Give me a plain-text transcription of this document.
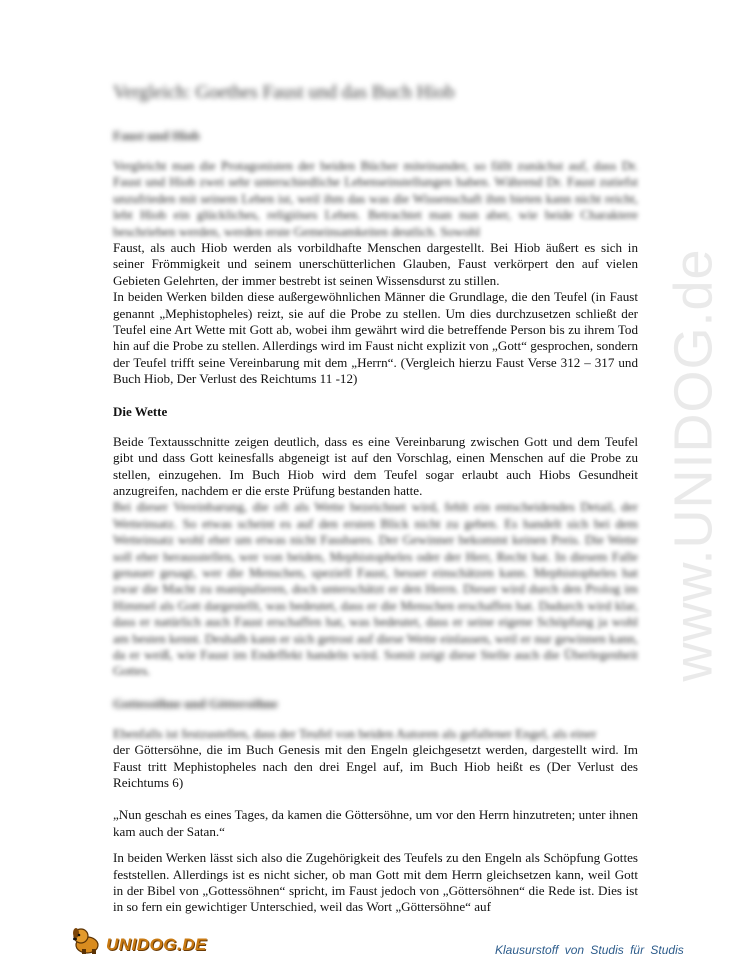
Vergleich: Goethes Faust und das Buch Hiob
Faust und Hiob

Vergleicht man die Protagonisten der beiden Bücher miteinander, so fällt zunächst auf, dass Dr. Faust und Hiob zwei sehr unterschiedliche Lebenseinstellungen haben. Während Dr. Faust zutiefst unzufrieden mit seinem Leben ist, weil ihm das was die Wissenschaft ihm bieten kann nicht reicht, lebt Hiob ein glückliches, religiöses Leben. Betrachtet man nun aber, wie beide Charaktere beschrieben werden, werden erste Gemeinsamkeiten deutlich. Sowohl

Faust, als auch Hiob werden als vorbildhafte Menschen dargestellt. Bei Hiob äußert es sich in seiner Frömmigkeit und seinem unerschütterlichen Glauben, Faust verkörpert den auf vielen Gebieten Gelehrten, der immer bestrebt ist seinen Wissensdurst zu stillen.

In beiden Werken bilden diese außergewöhnlichen Männer die Grundlage, die den Teufel (in Faust genannt „Mephistopheles) reizt, sie auf die Probe zu stellen. Um dies durchzusetzen schließt der Teufel eine Art Wette mit Gott ab, wobei ihm gewährt wird die betreffende Person bis zu ihrem Tod hin auf die Probe zu stellen. Allerdings wird im Faust nicht explizit von „Gott“ gesprochen, sondern der Teufel trifft seine Vereinbarung mit dem „Herrn“. (Vergleich hierzu Faust Verse 312 – 317 und Buch Hiob, Der Verlust des Reichtums 11 -12)

Die Wette

Beide Textausschnitte zeigen deutlich, dass es eine Vereinbarung zwischen Gott und dem Teufel gibt und dass Gott keinesfalls abgeneigt ist auf den Vorschlag, einen Menschen auf die Probe zu stellen, einzugehen. Im Buch Hiob wird dem Teufel sogar erlaubt auch Hiobs Gesundheit anzugreifen, nachdem er die erste Prüfung bestanden hatte.

Bei dieser Vereinbarung, die oft als Wette bezeichnet wird, fehlt ein entscheidendes Detail, der Wetteinsatz. So etwas scheint es auf den ersten Blick nicht zu geben. Es handelt sich bei dem Wetteinsatz wohl eher um etwas nicht Fassbares. Der Gewinner bekommt keinen Preis. Die Wette soll eher herausstellen, wer von beiden, Mephistopheles oder der Herr, Recht hat. In diesem Falle genauer gesagt, wer die Menschen, speziell Faust, besser einschätzen kann. Mephistopheles hat zwar die Macht zu manipulieren, doch unterschätzt er den Herrn. Dieser wird durch den Prolog im Himmel als Gott dargestellt, was bedeutet, dass er die Menschen erschaffen hat. Dadurch wird klar, dass er natürlich auch Faust erschaffen hat, was bedeutet, dass er seine eigene Schöpfung ja wohl am besten kennt. Deshalb kann er sich getrost auf diese Wette einlassen, weil er nur gewinnen kann, da er weiß, wie Faust im Endeffekt handeln wird. Somit zeigt diese Stelle auch die Überlegenheit Gottes.

Gottessöhne und Göttersöhne

Ebenfalls ist festzustellen, dass der Teufel von beiden Autoren als gefallener Engel, als einer

der Göttersöhne, die im Buch Genesis mit den Engeln gleichgesetzt werden, dargestellt wird. Im Faust tritt Mephistopheles nach den drei Engel auf, im Buch Hiob heißt es (Der Verlust des Reichtums 6)

„Nun geschah es eines Tages, da kamen die Göttersöhne, um vor den Herrn hinzutreten; unter ihnen kam auch der Satan.“

In beiden Werken lässt sich also die Zugehörigkeit des Teufels zu den Engeln als Schöpfung Gottes feststellen. Allerdings ist es nicht sicher, ob man Gott mit dem Herrn gleichsetzen kann, weil Gott in der Bibel von „Gottessöhnen“ spricht, im Faust jedoch von „Göttersöhnen“ die Rede ist. Dies ist in so fern ein gewichtiger Unterschied, weil das Wort „Göttersöhne“ auf

www.UNIDOG.de
UNIDOG.DE	Klausurstoff von Studis für Studis
